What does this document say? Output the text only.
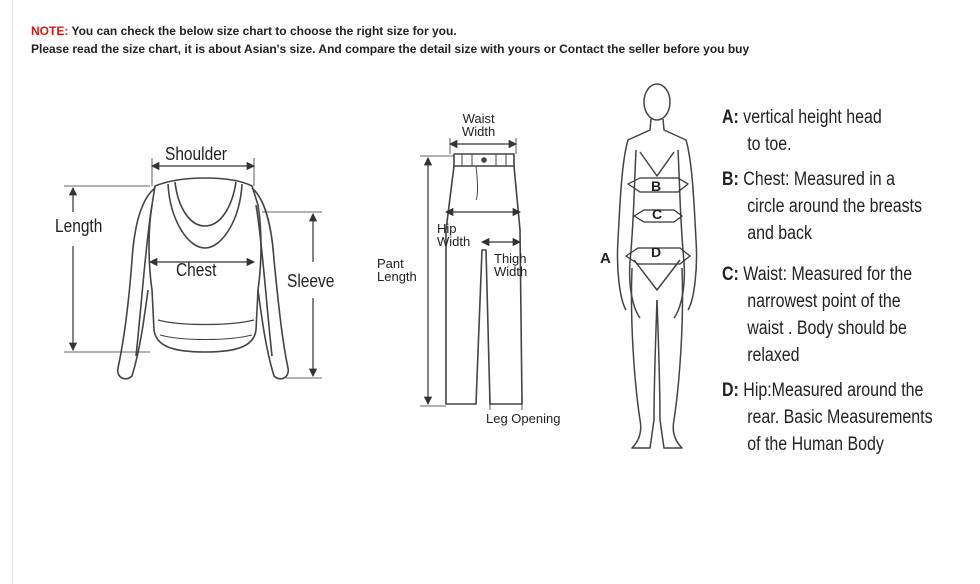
NOTE: You can check the below size chart to choose the right size for you.
Please read the size chart, it is about Asian's size. And compare the detail size with yours or Contact the seller before you buy
Length
Shoulder
Chest
Sleeve
Waist
Width
Hip
Width
Thigh
Width
Pant
Length
Leg Opening
A
B
C
D
A: vertical height head
to toe.
B: Chest: Measured in a
circle around the breasts
and back
C: Waist: Measured for the
narrowest point of the
waist . Body should be
relaxed
D: Hip:Measured around the
rear. Basic Measurements
of the Human Body
